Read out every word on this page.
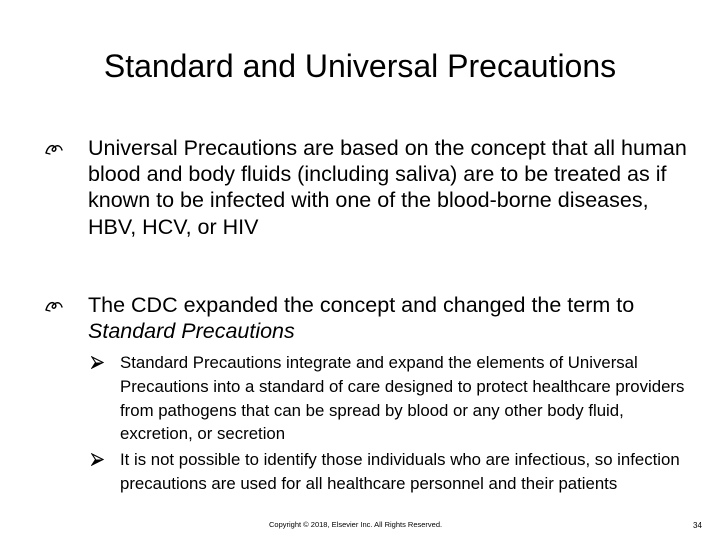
Standard and Universal Precautions
Universal Precautions are based on the concept that all human blood and body fluids (including saliva) are to be treated as if known to be infected with one of the blood-borne diseases, HBV, HCV, or HIV
The CDC expanded the concept and changed the term to Standard Precautions
Standard Precautions integrate and expand the elements of Universal Precautions into a standard of care designed to protect healthcare providers from pathogens that can be spread by blood or any other body fluid, excretion, or secretion
It is not possible to identify those individuals who are infectious, so infection precautions are used for all healthcare personnel and their patients
Copyright © 2018, Elsevier Inc. All Rights Reserved.	34
